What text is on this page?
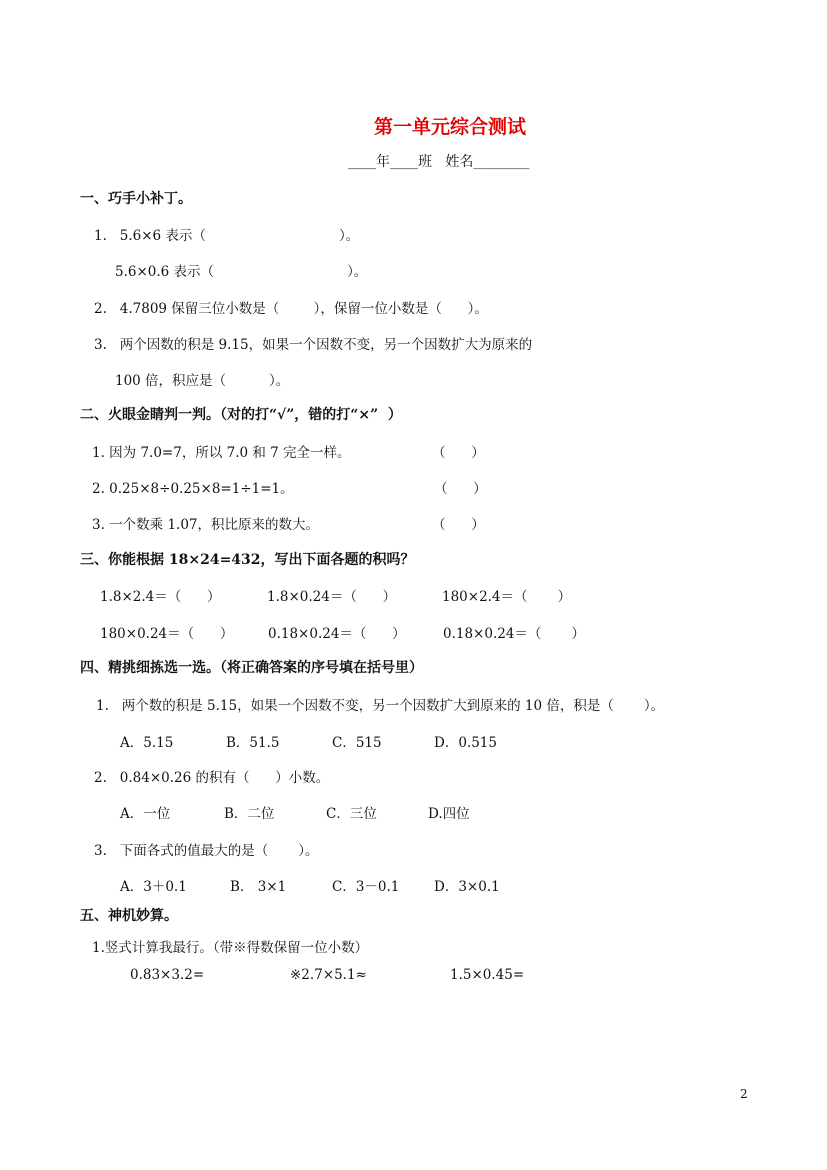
第一单元综合测试
____年____班   姓名________
一、巧手小补丁。
1.   5.6×6 表示（                               ）。
5.6×0.6 表示（                               ）。
2.   4.7809 保留三位小数是（        ），保留一位小数是（      ）。
3.   两个因数的积是 9.15，如果一个因数不变，另一个因数扩大为原来的
100 倍，积应是（          ）。
二、火眼金睛判一判。（对的打“√”，错的打“×”  ）
1. 因为 7.0=7，所以 7.0 和 7 完全一样。	（      ）
2. 0.25×8÷0.25×8=1÷1=1。	（      ）
3. 一个数乘 1.07，积比原来的数大。	（      ）
三、你能根据 18×24=432，写出下面各题的积吗？
1.8×2.4＝（      ）	1.8×0.24＝（      ）	180×2.4＝（       ）
180×0.24＝（      ）	0.18×0.24＝（      ）	0.18×0.24＝（       ）
四、精挑细拣选一选。（将正确答案的序号填在括号里）
1.   两个数的积是 5.15，如果一个因数不变，另一个因数扩大到原来的 10 倍，积是（       ）。
A．5.15	B．51.5	C．515	D．0.515
2.   0.84×0.26 的积有（      ）小数。
A．一位	B．二位	C．三位	D.四位
3.   下面各式的值最大的是（       ）。
A．3＋0.1	B． 3×1	C．3－0.1	D．3×0.1
五、神机妙算。
1.竖式计算我最行。（带※得数保留一位小数）
0.83×3.2=	※2.7×5.1≈	1.5×0.45=
2
